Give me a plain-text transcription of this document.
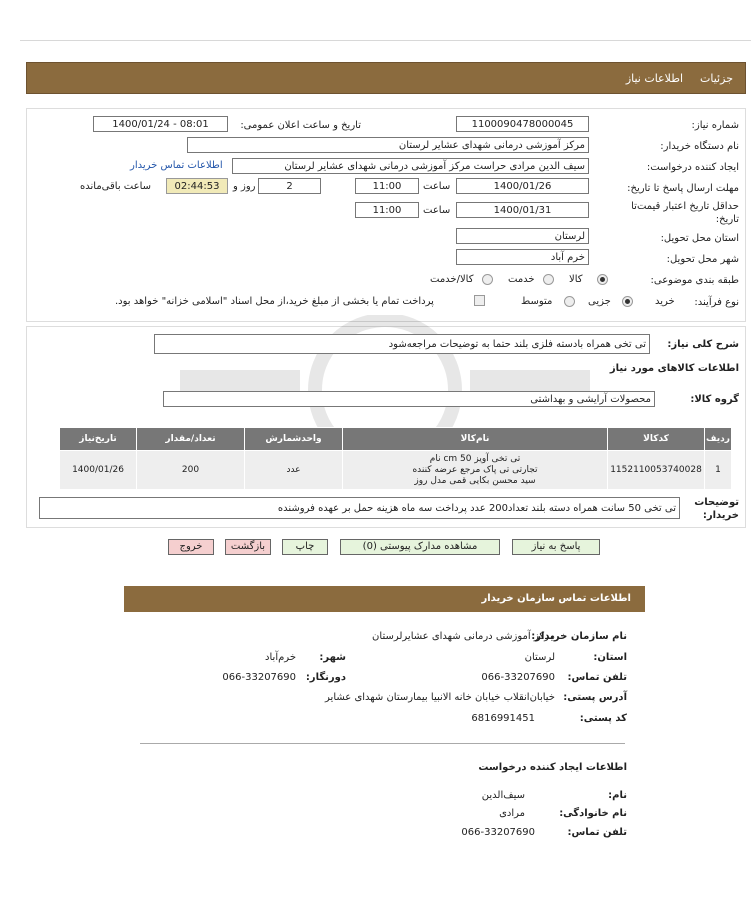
جزئیات
اطلاعات نیاز
شماره نیاز:
1100090478000045
تاریخ و ساعت اعلان عمومی:
1400/01/24 - 08:01
نام دستگاه خریدار:
مرکز آموزشی درمانی شهدای عشایر لرستان
ایجاد کننده درخواست:
سیف الدین مرادی حراست مرکز آموزشی درمانی شهدای عشایر لرستان
اطلاعات تماس خریدار
مهلت ارسال پاسخ تا تاریخ:
1400/01/26
ساعت
11:00
2
روز و
02:44:53
ساعت باقی‌مانده
حداقل تاریخ اعتبار قیمت‌تا تاریخ:
1400/01/31
ساعت
11:00
استان محل تحویل:
لرستان
شهر محل تحویل:
خرم آباد
طبقه بندی موضوعی:
کالا
خدمت
کالا/خدمت
نوع فرآیند:
خرید
جزیی
متوسط
پرداخت تمام یا بخشی از مبلغ خرید،از محل اسناد "اسلامی خزانه" خواهد بود.
شرح کلی نیاز:
تی تخی همراه بادسته فلزی بلند حتما به توضیحات مراجعه‌شود
اطلاعات کالاهای مورد نیاز
گروه کالا:
محصولات آرایشی و بهداشتی
ردیف	کدکالا	نام‌کالا	واحدشمارش	تعداد/مقدار	تاریخ‌نیاز
1	1152110053740028	تی تخی آویز 50 cm نام
تجارتی تی پاک مرجع عرضه کننده
سید محسن بکایی قمی مدل روز	عدد	200	1400/01/26
توضیحات خریدار:
تی تخی 50 سانت همراه دسته بلند تعداد200 عدد پرداخت سه ماه هزینه حمل بر عهده فروشنده
پاسخ به نیاز
مشاهده مدارک پیوستی (0)
چاپ
بازگشت
خروج
اطلاعات تماس سازمان خریدار
نام سازمان خریدار:
مرکز آموزشی درمانی شهدای عشایرلرستان
استان:
لرستان
شهر:
خرم‌آباد
تلفن تماس:
066-33207690
دورنگار:
066-33207690
آدرس پستی:
خیابان‌انقلاب خیابان خانه الانبیا بیمارستان شهدای عشایر
کد پستی:
6816991451
اطلاعات ایجاد کننده درخواست
نام:
سیف‌الدین
نام خانوادگی:
مرادی
تلفن تماس:
066-33207690
